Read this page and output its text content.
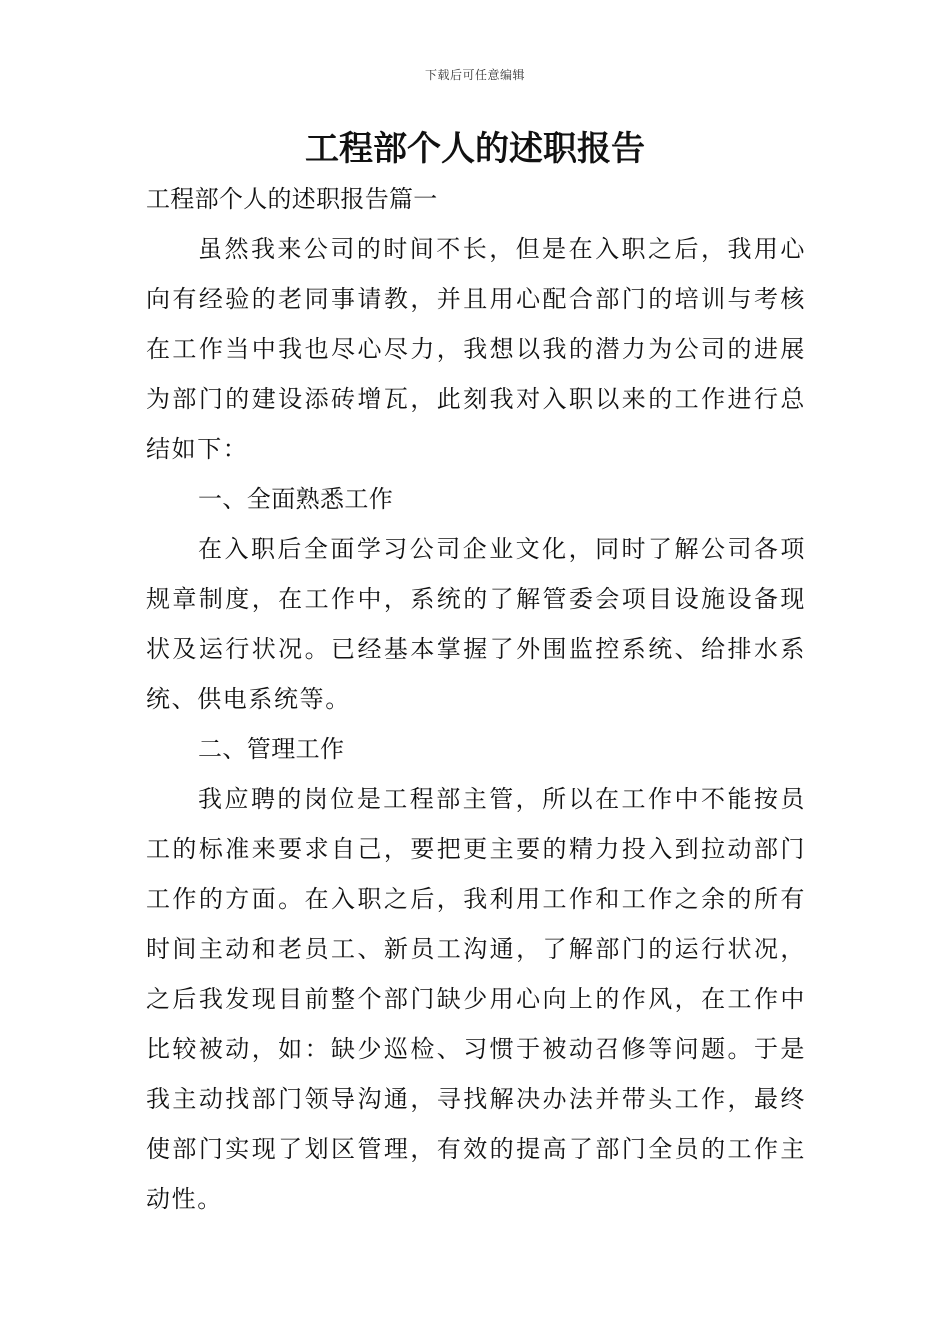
下载后可任意编辑
工程部个人的述职报告

工程部个人的述职报告篇一

虽然我来公司的时间不长，但是在入职之后，我用心向有经验的老同事请教，并且用心配合部门的培训与考核在工作当中我也尽心尽力，我想以我的潜力为公司的进展为部门的建设添砖增瓦，此刻我对入职以来的工作进行总结如下：

一、全面熟悉工作

在入职后全面学习公司企业文化，同时了解公司各项规章制度，在工作中，系统的了解管委会项目设施设备现状及运行状况。已经基本掌握了外围监控系统、给排水系统、供电系统等。

二、管理工作

我应聘的岗位是工程部主管，所以在工作中不能按员工的标准来要求自己，要把更主要的精力投入到拉动部门工作的方面。在入职之后，我利用工作和工作之余的所有时间主动和老员工、新员工沟通，了解部门的运行状况，之后我发现目前整个部门缺少用心向上的作风，在工作中比较被动，如：缺少巡检、习惯于被动召修等问题。于是我主动找部门领导沟通，寻找解决办法并带头工作，最终使部门实现了划区管理，有效的提高了部门全员的工作主动性。
